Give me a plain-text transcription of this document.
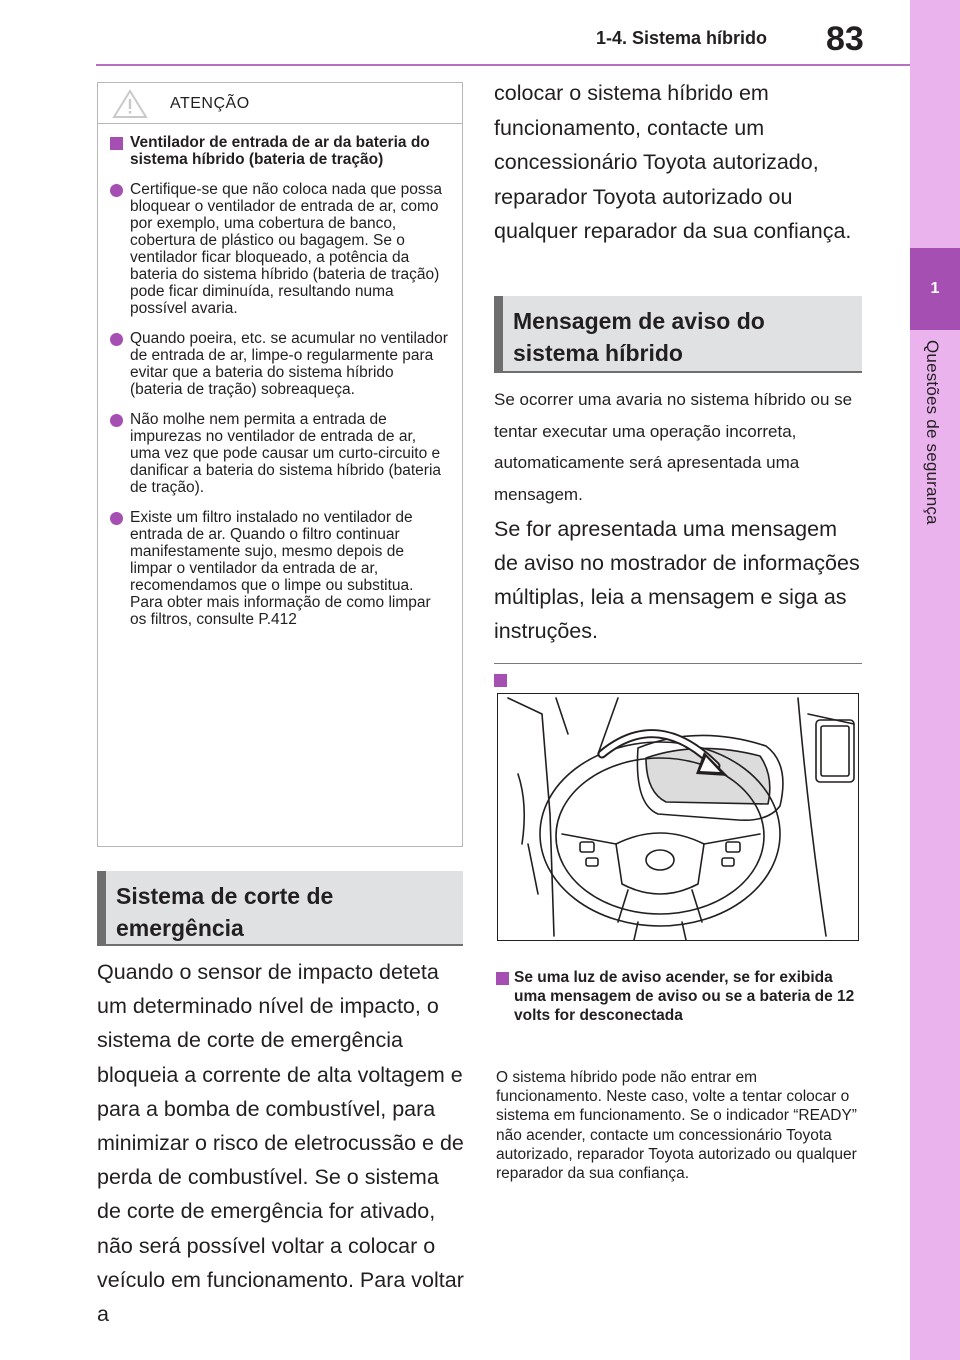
1-4. Sistema híbrido 83
1
Questões de segurança
ATENÇÃO
Ventilador de entrada de ar da bateria do sistema híbrido (bateria de tração)
Certifique-se que não coloca nada que possa bloquear o ventilador de entrada de ar, como por exemplo, uma cobertura de banco, cobertura de plástico ou bagagem. Se o ventilador ficar bloqueado, a potência da bateria do sistema híbrido (bateria de tração) pode ficar diminuída, resultando numa possível avaria.
Quando poeira, etc. se acumular no ventilador de entrada de ar, limpe-o regularmente para evitar que a bateria do sistema híbrido (bateria de tração) sobreaqueça.
Não molhe nem permita a entrada de impurezas no ventilador de entrada de ar, uma vez que pode causar um curto-circuito e danificar a bateria do sistema híbrido (bateria de tração).
Existe um filtro instalado no ventilador de entrada de ar. Quando o filtro continuar manifestamente sujo, mesmo depois de limpar o ventilador da entrada de ar, recomendamos que o limpe ou substitua. Para obter mais informação de como limpar os filtros, consulte P.412
Sistema de corte de emergência
Quando o sensor de impacto deteta um determinado nível de impacto, o sistema de corte de emergência bloqueia a corrente de alta voltagem e para a bomba de combustível, para minimizar o risco de eletrocussão e de perda de combustível. Se o sistema de corte de emergência for ativado, não será possível voltar a colocar o veículo em funcionamento. Para voltar a
colocar o sistema híbrido em funcionamento, contacte um concessionário Toyota autorizado, reparador Toyota autorizado ou qualquer reparador da sua confiança.
Mensagem de aviso do sistema híbrido
Se ocorrer uma avaria no sistema híbrido ou se tentar executar uma operação incorreta, automaticamente será apresentada uma mensagem.
Se for apresentada uma mensagem de aviso no mostrador de informações múltiplas, leia a mensagem e siga as instruções.
Se uma luz de aviso acender, se for exibida uma mensagem de aviso ou se a bateria de 12 volts for desconectada
O sistema híbrido pode não entrar em funcionamento. Neste caso, volte a tentar colocar o sistema em funcionamento. Se o indicador “READY” não acender, contacte um concessionário Toyota autorizado, reparador Toyota autorizado ou qualquer reparador da sua confiança.
